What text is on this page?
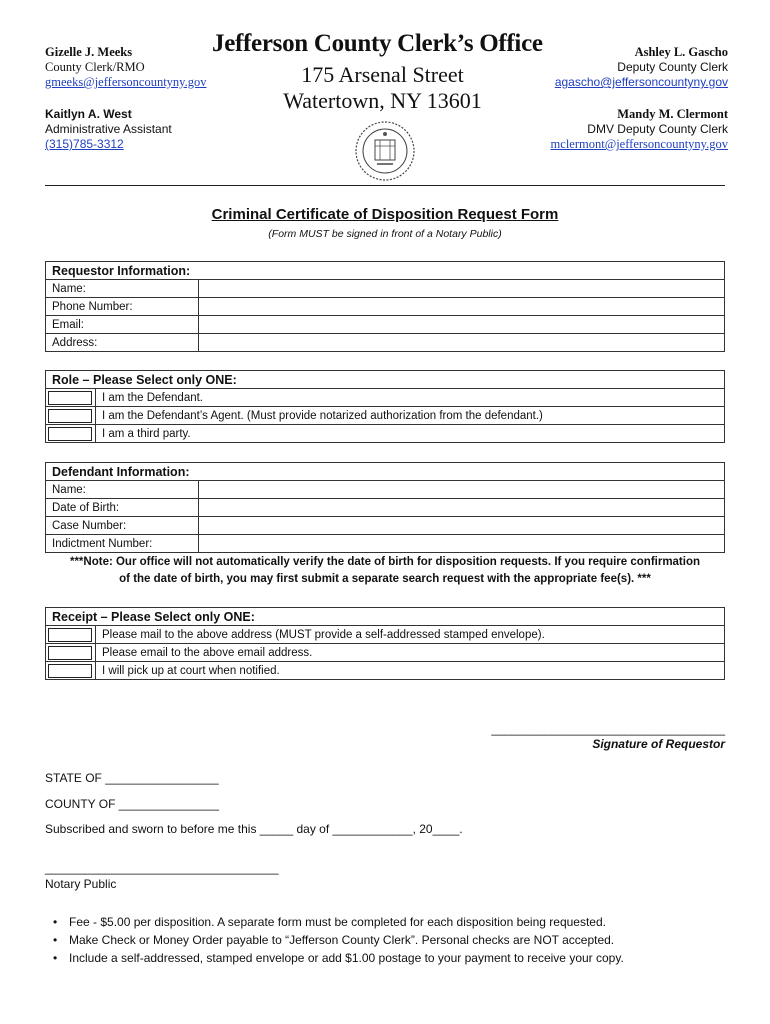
Gizelle J. Meeks
County Clerk/RMO
gmeeks@jeffersoncountyny.gov
Kaitlyn A. West
Administrative Assistant
(315)785-3312
Jefferson County Clerk’s Office
175 Arsenal Street
Watertown, NY 13601
Ashley L. Gascho
Deputy County Clerk
agascho@jeffersoncountyny.gov
Mandy M. Clermont
DMV Deputy County Clerk
mclermont@jeffersoncountyny.gov
Criminal Certificate of Disposition Request Form
(Form MUST be signed in front of a Notary Public)
Requestor Information:	
Name:	
Phone Number:	
Email:	
Address:	
Role – Please Select only ONE:	

	I am the Defendant.

	I am the Defendant’s Agent. (Must provide notarized authorization from the defendant.)

	I am a third party.
Defendant Information:	
Name:	
Date of Birth:	
Case Number:	
Indictment Number:	
***Note: Our office will not automatically verify the date of birth for disposition requests. If you require confirmation
of the date of birth, you may first submit a separate search request with the appropriate fee(s). ***
Receipt – Please Select only ONE:	

	Please mail to the above address (MUST provide a self-addressed stamped envelope).

	Please email to the above email address.

	I will pick up at court when notified.
___________________________________
Signature of Requestor
STATE OF _________________
COUNTY OF _______________
Subscribed and sworn to before me this _____ day of ____________, 20____.
___________________________________
Notary Public
• Fee - $5.00 per disposition. A separate form must be completed for each disposition being requested.
• Make Check or Money Order payable to “Jefferson County Clerk”. Personal checks are NOT accepted.
• Include a self-addressed, stamped envelope or add $1.00 postage to your payment to receive your copy.
